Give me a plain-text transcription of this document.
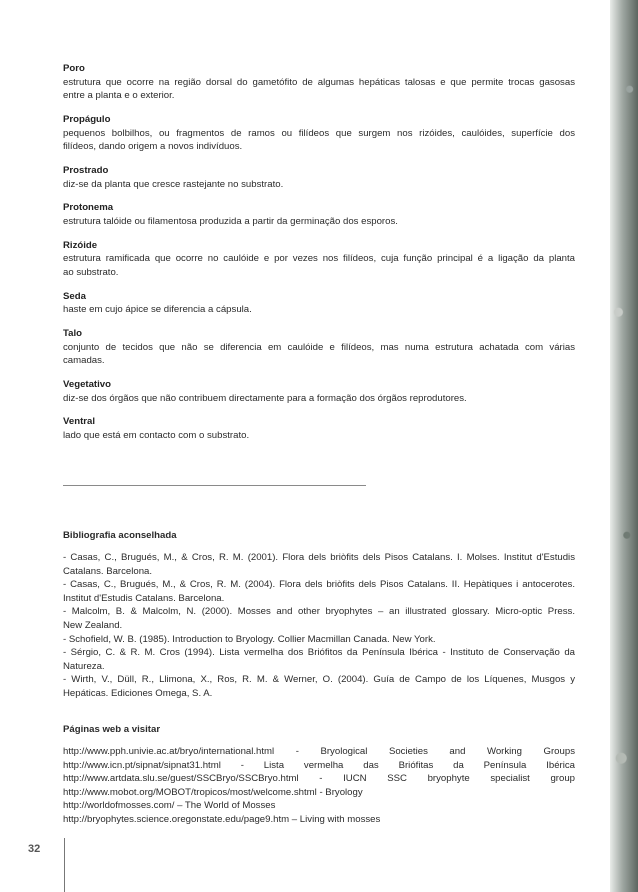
Poro
estrutura que ocorre na região dorsal do gametófito de algumas hepáticas talosas e que permite trocas gasosas
entre a planta e o exterior.
Propágulo
pequenos bolbilhos, ou fragmentos de ramos ou filídeos que surgem nos rizóides, caulóides, superfície dos
filídeos, dando origem a novos indivíduos.
Prostrado
diz-se da planta que cresce rastejante no substrato.
Protonema
estrutura talóide ou filamentosa produzida a partir da germinação dos esporos.
Rizóide
estrutura ramificada que ocorre no caulóide e por vezes nos filídeos, cuja função principal é a ligação da planta
ao substrato.
Seda
haste em cujo ápice se diferencia a cápsula.
Talo
conjunto de tecidos que não se diferencia em caulóide e filídeos, mas numa estrutura achatada com várias
camadas.
Vegetativo
diz-se dos órgãos que não contribuem directamente para a formação dos órgãos reprodutores.
Ventral
lado que está em contacto com o substrato.
Bibliografia aconselhada
- Casas, C., Brugués, M., & Cros, R. M. (2001). Flora dels briòfits dels Pisos Catalans. I. Molses. Institut d'Estudis
Catalans. Barcelona.
- Casas, C., Brugués, M., & Cros, R. M. (2004). Flora dels briòfits dels Pisos Catalans. II. Hepàtiques i antocerotes.
Institut d'Estudis Catalans. Barcelona.
- Malcolm, B. & Malcolm, N. (2000). Mosses and other bryophytes – an illustrated glossary. Micro-optic Press.
New Zealand.
- Schofield, W. B. (1985). Introduction to Bryology. Collier Macmillan Canada. New York.
- Sérgio, C. & R. M. Cros (1994). Lista vermelha dos Briófitos da Península Ibérica - Instituto de Conservação da
Natureza.
- Wirth, V., Düll, R., Llimona, X., Ros, R. M. & Werner, O. (2004). Guía de Campo de los Líquenes, Musgos y
Hepáticas. Ediciones Omega, S. A.
Páginas web a visitar
http://www.pph.univie.ac.at/bryo/international.html - Bryological Societies and Working Groups
http://www.icn.pt/sipnat/sipnat31.html - Lista vermelha das Briófitas da Península Ibérica
http://www.artdata.slu.se/guest/SSCBryo/SSCBryo.html - IUCN SSC bryophyte specialist group
http://www.mobot.org/MOBOT/tropicos/most/welcome.shtml - Bryology
http://worldofmosses.com/ – The World of Mosses
http://bryophytes.science.oregonstate.edu/page9.htm – Living with mosses
32
